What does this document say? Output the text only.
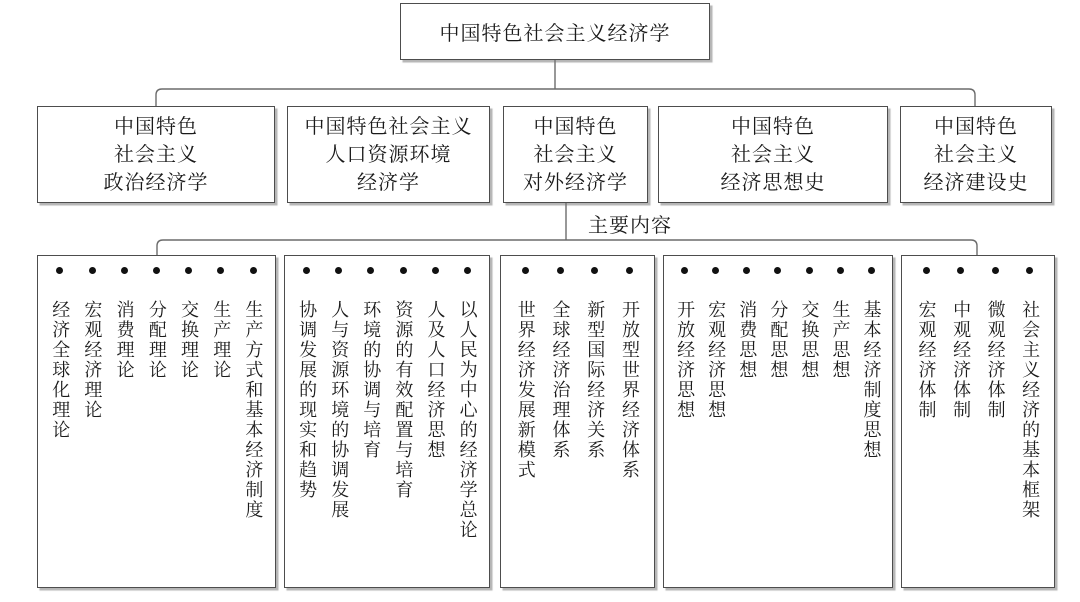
中国特色社会主义经济学
中国特色
社会主义
政治经济学
中国特色社会主义
人口资源环境
经济学
中国特色
社会主义
对外经济学
中国特色
社会主义
经济思想史
中国特色
社会主义
经济建设史
主要内容
生产方式和基本经济制度
生产理论
交换理论
分配理论
消费理论
宏观经济理论
经济全球化理论	以人民为中心的经济学总论
人及人口经济思想
资源的有效配置与培育
环境的协调与培育
人与资源环境的协调发展
协调发展的现实和趋势	开放型世界经济体系
新型国际经济关系
全球经济治理体系
世界经济发展新模式	基本经济制度思想
生产思想
交换思想
分配思想
消费思想
宏观经济思想
开放经济思想	社会主义经济的基本框架
微观经济体制
中观经济体制
宏观经济体制
